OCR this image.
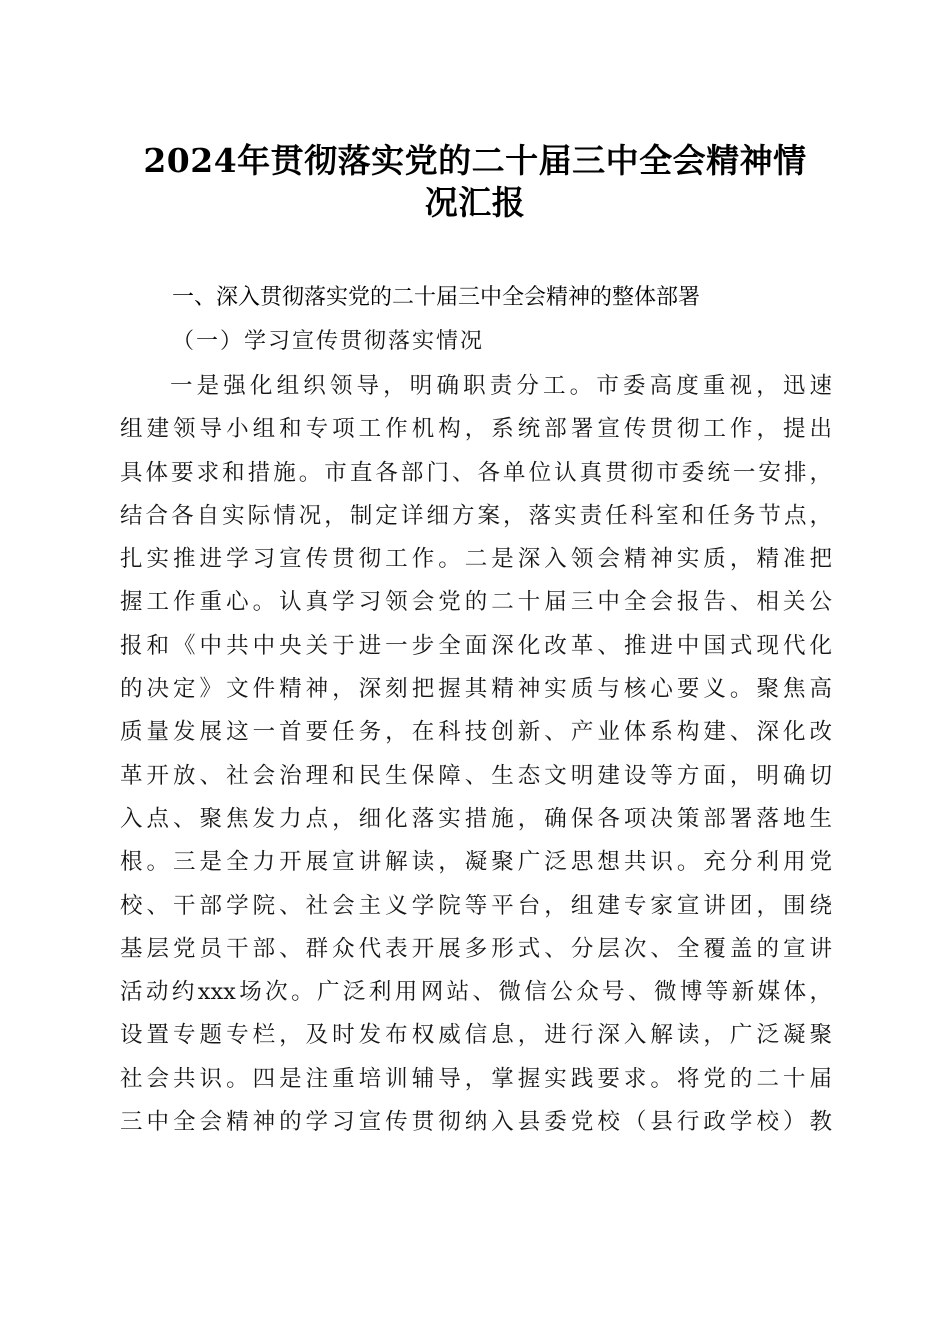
2024年贯彻落实党的二十届三中全会精神情
况汇报
一、深入贯彻落实党的二十届三中全会精神的整体部署
（一）学习宣传贯彻落实情况
一是强化组织领导，明确职责分工。市委高度重视，迅速
组建领导小组和专项工作机构，系统部署宣传贯彻工作，提出
具体要求和措施。市直各部门、各单位认真贯彻市委统一安排，
结合各自实际情况，制定详细方案，落实责任科室和任务节点，
扎实推进学习宣传贯彻工作。二是深入领会精神实质，精准把
握工作重心。认真学习领会党的二十届三中全会报告、相关公
报和《中共中央关于进一步全面深化改革、推进中国式现代化
的决定》文件精神，深刻把握其精神实质与核心要义。聚焦高
质量发展这一首要任务，在科技创新、产业体系构建、深化改
革开放、社会治理和民生保障、生态文明建设等方面，明确切
入点、聚焦发力点，细化落实措施，确保各项决策部署落地生
根。三是全力开展宣讲解读，凝聚广泛思想共识。充分利用党
校、干部学院、社会主义学院等平台，组建专家宣讲团，围绕
基层党员干部、群众代表开展多形式、分层次、全覆盖的宣讲
活动约xxx场次。广泛利用网站、微信公众号、微博等新媒体，
设置专题专栏，及时发布权威信息，进行深入解读，广泛凝聚
社会共识。四是注重培训辅导，掌握实践要求。将党的二十届
三中全会精神的学习宣传贯彻纳入县委党校（县行政学校）教
